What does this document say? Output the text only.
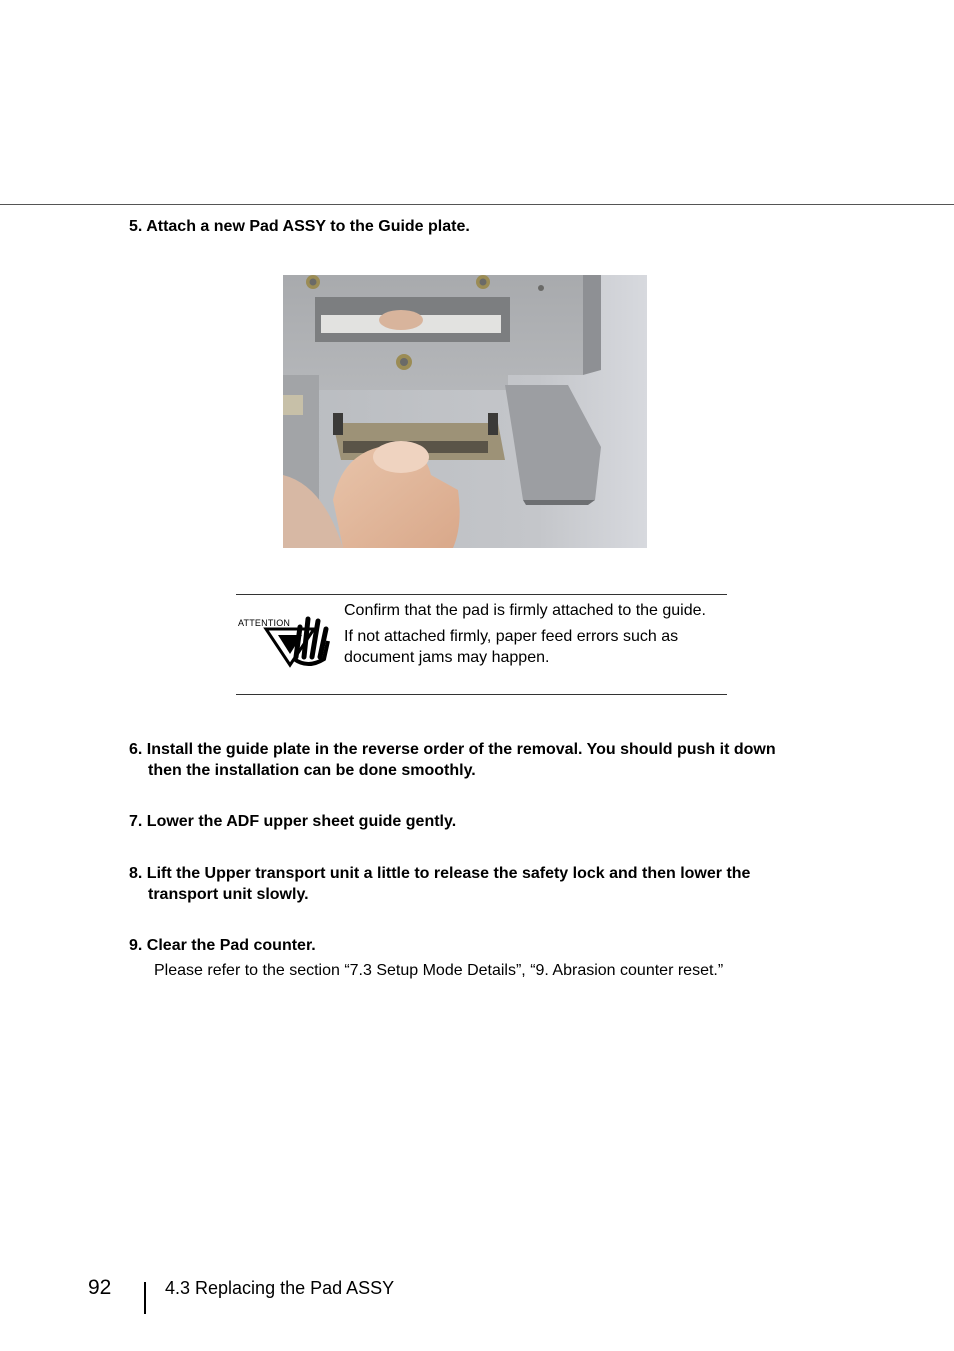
5. Attach a new Pad ASSY to the Guide plate.

ATTENTION

Confirm that the pad is firmly attached to the guide.

If not attached firmly, paper feed errors such as document jams may happen.

6. Install the guide plate in the reverse order of the removal. You should push it down
then the installation can be done smoothly.

7. Lower the ADF upper sheet guide gently.

8. Lift the Upper transport unit a little to release the safety lock and then lower the
transport unit slowly.

9. Clear the Pad counter.

Please refer to the section “7.3 Setup Mode Details”, “9. Abrasion counter reset.”

92	4.3 Replacing the Pad ASSY
